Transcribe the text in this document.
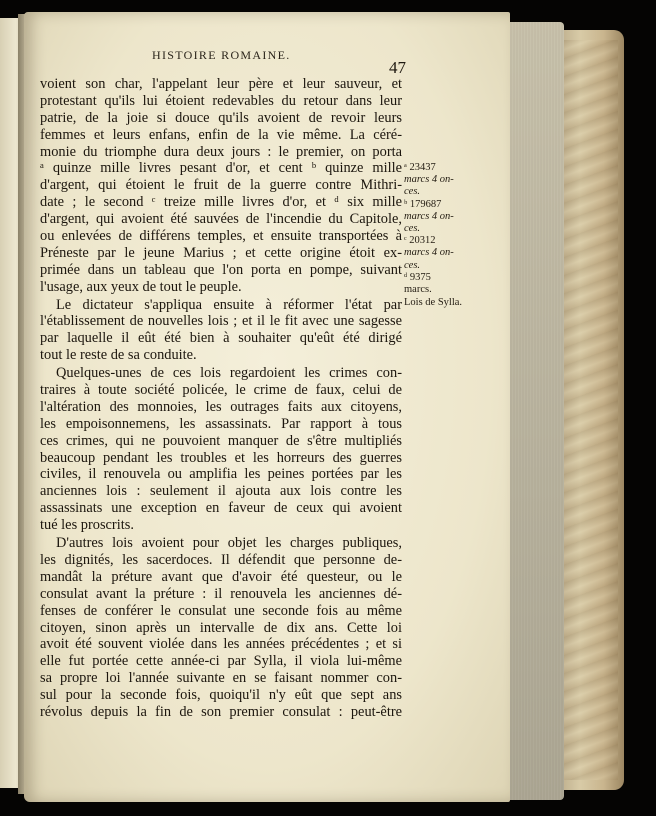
HISTOIRE ROMAINE.
47
voient son char, l'appelant leur père et leur sauveur, et
protestant qu'ils lui étoient redevables du retour dans leur
patrie, de la joie si douce qu'ils avoient de revoir leurs
femmes et leurs enfans, enfin de la vie même. La céré-
monie du triomphe dura deux jours : le premier, on porta
ᵃ quinze mille livres pesant d'or, et cent ᵇ quinze mille
d'argent, qui étoient le fruit de la guerre contre Mithri-
date ; le second ᶜ treize mille livres d'or, et ᵈ six mille
d'argent, qui avoient été sauvées de l'incendie du Capitole,
ou enlevées de différens temples, et ensuite transportées à
Préneste par le jeune Marius ; et cette origine étoit ex-
primée dans un tableau que l'on porta en pompe, suivant
l'usage, aux yeux de tout le peuple.
Le dictateur s'appliqua ensuite à réformer l'état par
l'établissement de nouvelles lois ; et il le fit avec une sagesse
par laquelle il eût été bien à souhaiter qu'eût été dirigé
tout le reste de sa conduite.
Quelques-unes de ces lois regardoient les crimes con-
traires à toute société policée, le crime de faux, celui de
l'altération des monnoies, les outrages faits aux citoyens,
les empoisonnemens, les assassinats. Par rapport à tous
ces crimes, qui ne pouvoient manquer de s'être multipliés
beaucoup pendant les troubles et les horreurs des guerres
civiles, il renouvela ou amplifia les peines portées par les
anciennes lois : seulement il ajouta aux lois contre les
assassinats une exception en faveur de ceux qui avoient
tué les proscrits.
D'autres lois avoient pour objet les charges publiques,
les dignités, les sacerdoces. Il défendit que personne de-
mandât la préture avant que d'avoir été questeur, ou le
consulat avant la préture : il renouvela les anciennes dé-
fenses de conférer le consulat une seconde fois au même
citoyen, sinon après un intervalle de dix ans. Cette loi
avoit été souvent violée dans les années précédentes ; et si
elle fut portée cette année-ci par Sylla, il viola lui-même
sa propre loi l'année suivante en se faisant nommer con-
sul pour la seconde fois, quoiqu'il n'y eût que sept ans
révolus depuis la fin de son premier consulat : peut-être
ᵃ 23437
marcs 4 on-
ces.
ᵇ 179687
marcs 4 on-
ces.
ᶜ 20312
marcs 4 on-
ces.
ᵈ 9375
marcs.
Lois de Sylla.
